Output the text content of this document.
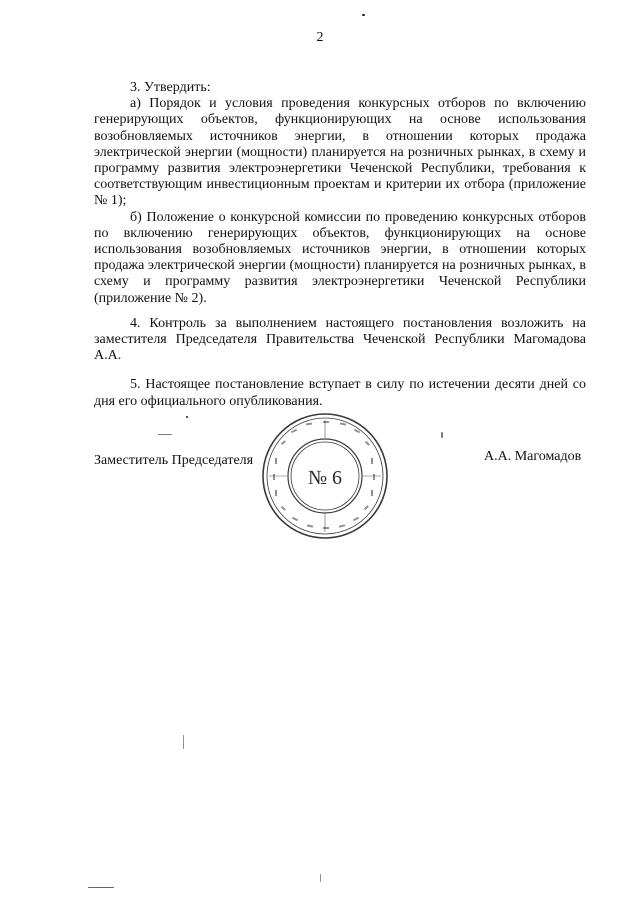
2

3. Утвердить:

а) Порядок и условия проведения конкурсных отборов по включению генерирующих объектов, функционирующих на основе использования возобновляемых источников энергии, в отношении которых продажа электрической энергии (мощности) планируется на розничных рынках, в схему и программу развития электроэнергетики Чеченской Республики, требования к соответствующим инвестиционным проектам и критерии их отбора (приложение № 1);

б) Положение о конкурсной комиссии по проведению конкурсных отборов по включению генерирующих объектов, функционирующих на основе использования возобновляемых источников энергии, в отношении которых продажа электрической энергии (мощности) планируется на розничных рынках, в схему и программу развития электроэнергетики Чеченской Республики (приложение № 2).

4. Контроль за выполнением настоящего постановления возложить на заместителя Председателя Правительства Чеченской Республики Магомадова А.А.

5. Настоящее постановление вступает в силу по истечении десяти дней со дня его официального опубликования.

Заместитель Председателя
№ 6
А.А. Магомадов
